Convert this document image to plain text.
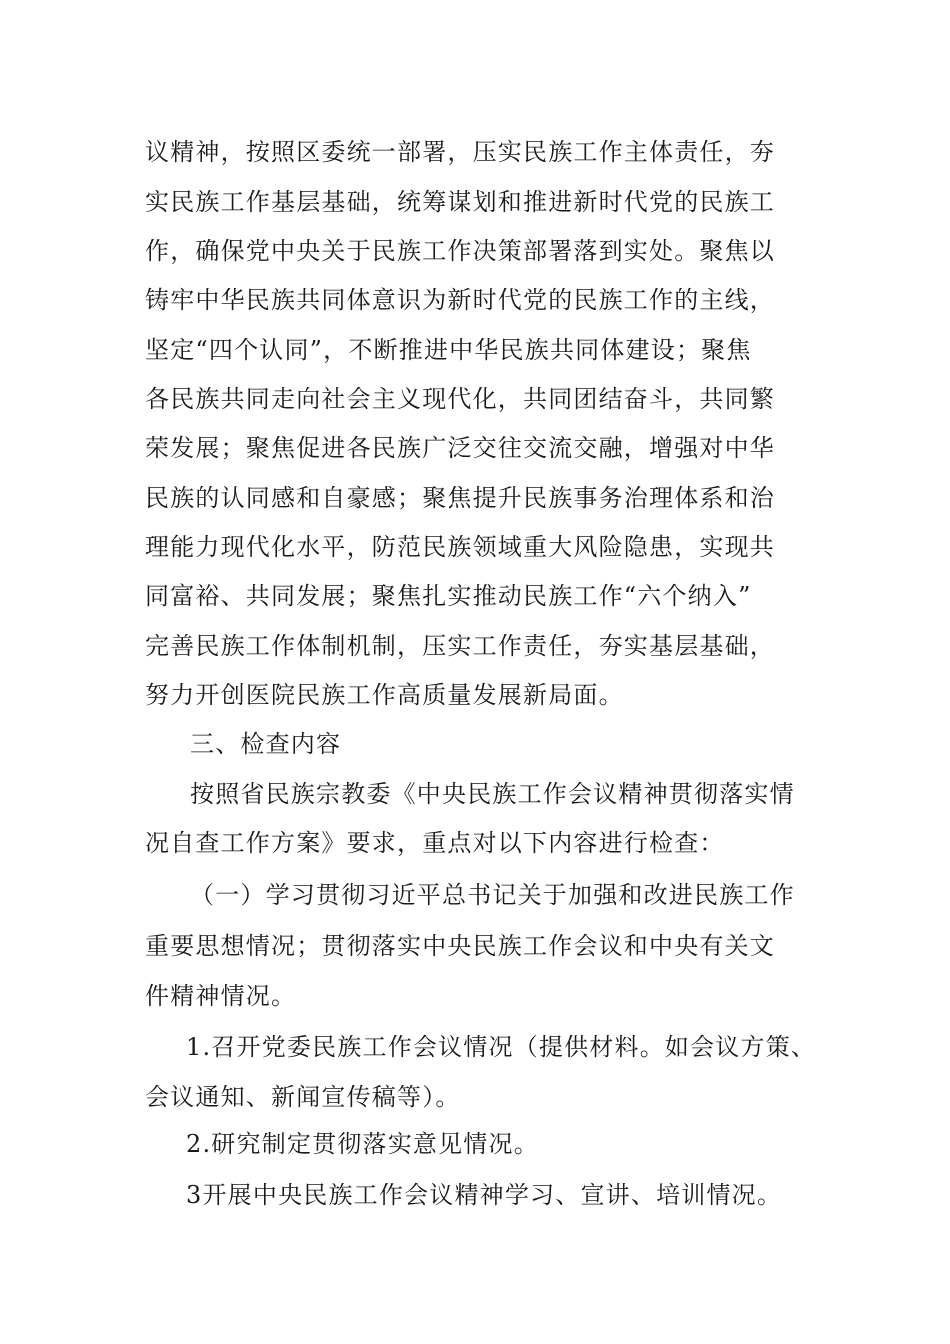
议精神，按照区委统一部署，压实民族工作主体责任，夯
实民族工作基层基础，统筹谋划和推进新时代党的民族工
作，确保党中央关于民族工作决策部署落到实处。聚焦以
铸牢中华民族共同体意识为新时代党的民族工作的主线，
坚定“四个认同”，不断推进中华民族共同体建设；聚焦
各民族共同走向社会主义现代化，共同团结奋斗，共同繁
荣发展；聚焦促进各民族广泛交往交流交融，增强对中华
民族的认同感和自豪感；聚焦提升民族事务治理体系和治
理能力现代化水平，防范民族领域重大风险隐患，实现共
同富裕、共同发展；聚焦扎实推动民族工作“六个纳入”
完善民族工作体制机制，压实工作责任，夯实基层基础，
努力开创医院民族工作高质量发展新局面。
三、检查内容
按照省民族宗教委《中央民族工作会议精神贯彻落实情
况自查工作方案》要求，重点对以下内容进行检查：
（一）学习贯彻习近平总书记关于加强和改进民族工作
重要思想情况；贯彻落实中央民族工作会议和中央有关文
件精神情况。
1.召开党委民族工作会议情况（提供材料。如会议方策、
会议通知、新闻宣传稿等）。
2.研究制定贯彻落实意见情况。
3开展中央民族工作会议精神学习、宣讲、培训情况。
